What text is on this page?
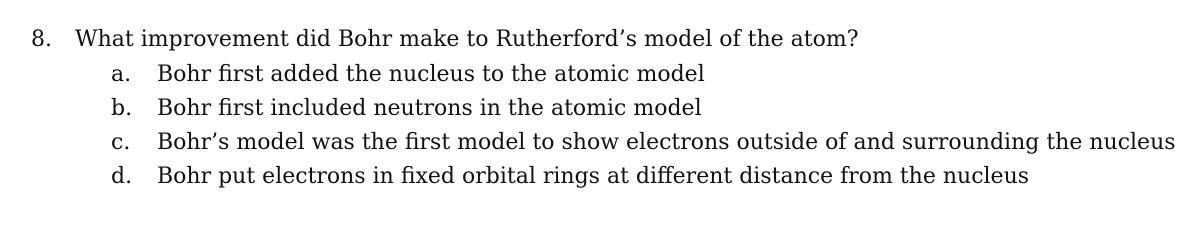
8. What improvement did Bohr make to Rutherford’s model of the atom?
a. Bohr first added the nucleus to the atomic model
b. Bohr first included neutrons in the atomic model
c. Bohr’s model was the first model to show electrons outside of and surrounding the nucleus
d. Bohr put electrons in fixed orbital rings at different distance from the nucleus
